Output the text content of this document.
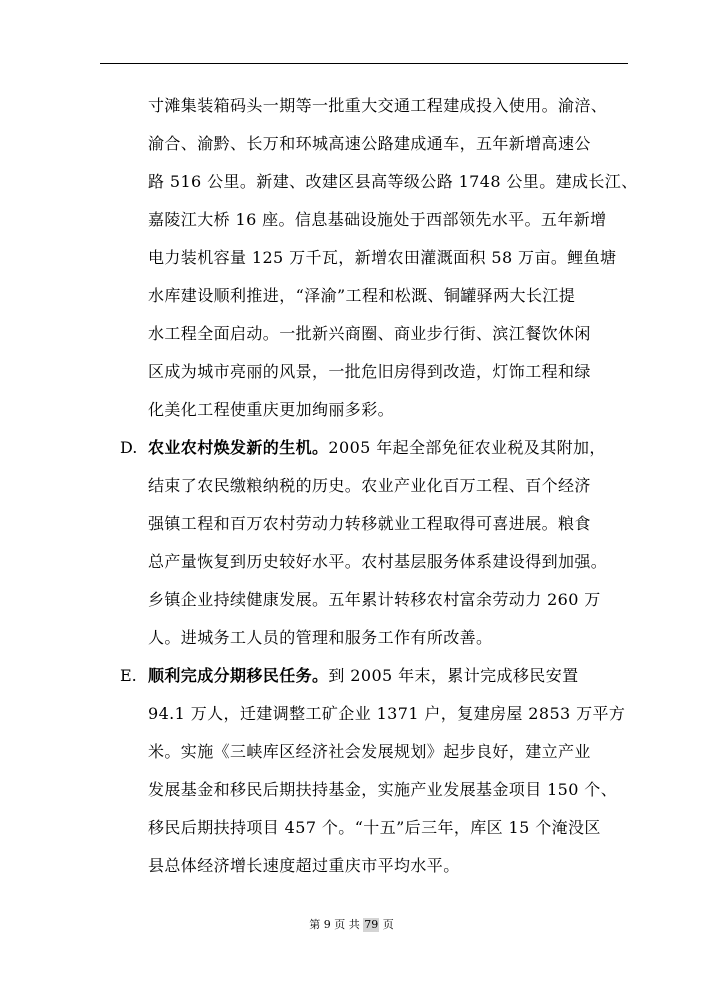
寸滩集装箱码头一期等一批重大交通工程建成投入使用。渝涪、
渝合、渝黔、长万和环城高速公路建成通车，五年新增高速公
路 516 公里。新建、改建区县高等级公路 1748 公里。建成长江、
嘉陵江大桥 16 座。信息基础设施处于西部领先水平。五年新增
电力装机容量 125 万千瓦，新增农田灌溉面积 58 万亩。鲤鱼塘
水库建设顺利推进，“泽渝”工程和松溉、铜罐驿两大长江提
水工程全面启动。一批新兴商圈、商业步行街、滨江餐饮休闲
区成为城市亮丽的风景，一批危旧房得到改造，灯饰工程和绿
化美化工程使重庆更加绚丽多彩。
D. 农业农村焕发新的生机。2005 年起全部免征农业税及其附加，
结束了农民缴粮纳税的历史。农业产业化百万工程、百个经济
强镇工程和百万农村劳动力转移就业工程取得可喜进展。粮食
总产量恢复到历史较好水平。农村基层服务体系建设得到加强。
乡镇企业持续健康发展。五年累计转移农村富余劳动力 260 万
人。进城务工人员的管理和服务工作有所改善。
E. 顺利完成分期移民任务。到 2005 年末，累计完成移民安置
94.1 万人，迁建调整工矿企业 1371 户，复建房屋 2853 万平方
米。实施《三峡库区经济社会发展规划》起步良好，建立产业
发展基金和移民后期扶持基金，实施产业发展基金项目 150 个、
移民后期扶持项目 457 个。“十五”后三年，库区 15 个淹没区
县总体经济增长速度超过重庆市平均水平。
第 9 页 共 79 页
